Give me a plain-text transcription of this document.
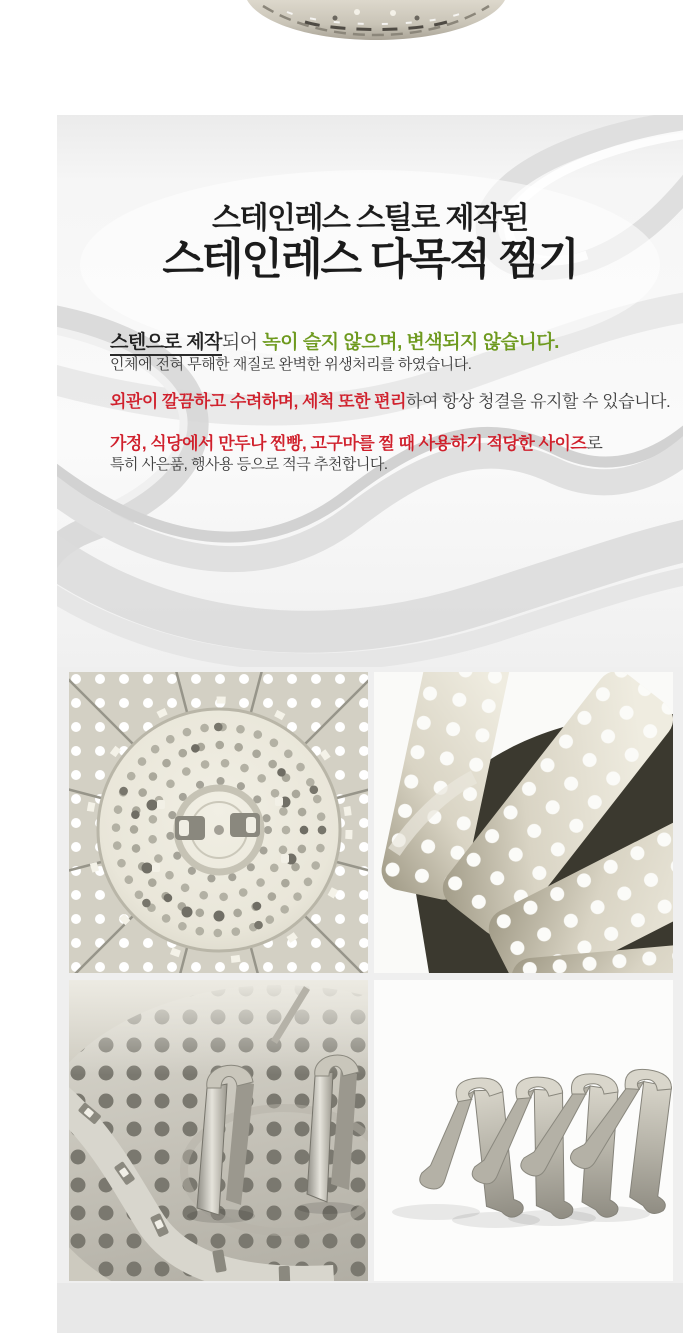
스테인레스 스틸로 제작된
스테인레스 다목적 찜기
스텐으로 제작되어 녹이 슬지 않으며, 변색되지 않습니다.
인체에 전혀 무해한 재질로 완벽한 위생처리를 하였습니다.
외관이 깔끔하고 수려하며, 세척 또한 편리하여 항상 청결을 유지할 수 있습니다.
가정, 식당에서 만두나 찐빵, 고구마를 찔 때 사용하기 적당한 사이즈로
특히 사은품, 행사용 등으로 적극 추천합니다.
